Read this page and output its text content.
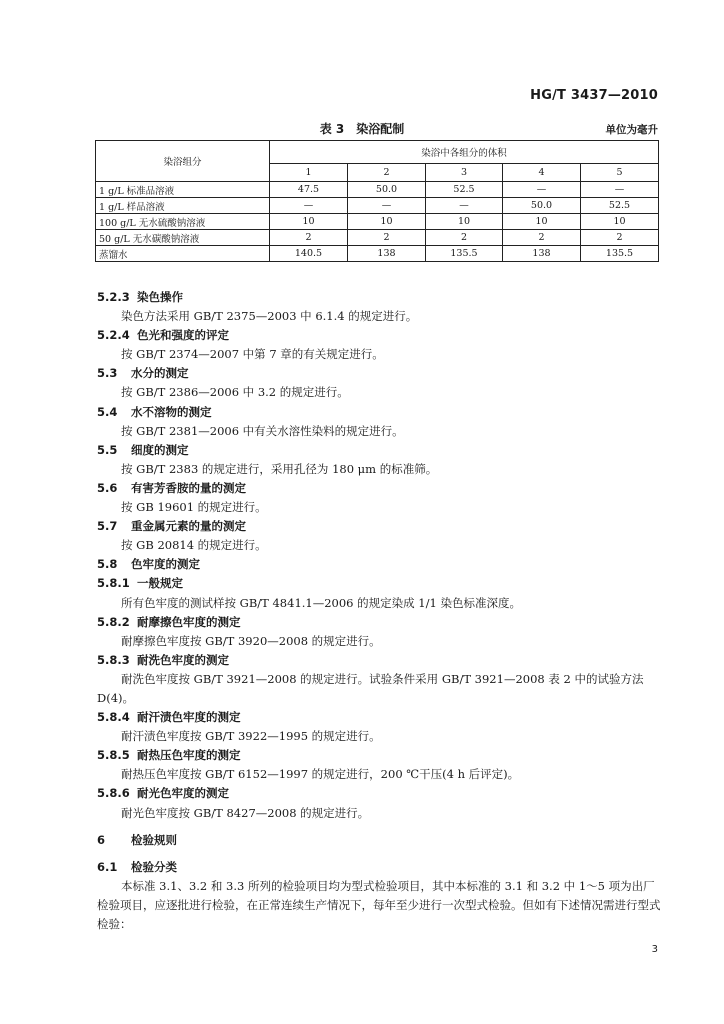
HG/T 3437—2010
表 3　染浴配制	单位为毫升
染浴组分	染浴中各组分的体积				
	1	2	3	4	5
1 g/L 标准品溶液	47.5	50.0	52.5	—	—
1 g/L 样品溶液	—	—	—	50.0	52.5
100 g/L 无水硫酸钠溶液	10	10	10	10	10
50 g/L 无水碳酸钠溶液	2	2	2	2	2
蒸馏水	140.5	138	135.5	138	135.5
5.2.3 染色操作
染色方法采用 GB/T 2375—2003 中 6.1.4 的规定进行。
5.2.4 色光和强度的评定
按 GB/T 2374—2007 中第 7 章的有关规定进行。
5.3 水分的测定
按 GB/T 2386—2006 中 3.2 的规定进行。
5.4 水不溶物的测定
按 GB/T 2381—2006 中有关水溶性染料的规定进行。
5.5 细度的测定
按 GB/T 2383 的规定进行，采用孔径为 180 μm 的标准筛。
5.6 有害芳香胺的量的测定
按 GB 19601 的规定进行。
5.7 重金属元素的量的测定
按 GB 20814 的规定进行。
5.8 色牢度的测定
5.8.1 一般规定
所有色牢度的测试样按 GB/T 4841.1—2006 的规定染成 1/1 染色标准深度。
5.8.2 耐摩擦色牢度的测定
耐摩擦色牢度按 GB/T 3920—2008 的规定进行。
5.8.3 耐洗色牢度的测定
耐洗色牢度按 GB/T 3921—2008 的规定进行。试验条件采用 GB/T 3921—2008 表 2 中的试验方法 D(4)。
5.8.4 耐汗渍色牢度的测定
耐汗渍色牢度按 GB/T 3922—1995 的规定进行。
5.8.5 耐热压色牢度的测定
耐热压色牢度按 GB/T 6152—1997 的规定进行，200 ℃干压(4 h 后评定)。
5.8.6 耐光色牢度的测定
耐光色牢度按 GB/T 8427—2008 的规定进行。
6 检验规则
6.1 检验分类
本标准 3.1、3.2 和 3.3 所列的检验项目均为型式检验项目，其中本标准的 3.1 和 3.2 中 1～5 项为出厂检验项目，应逐批进行检验，在正常连续生产情况下，每年至少进行一次型式检验。但如有下述情况需进行型式检验：
3
